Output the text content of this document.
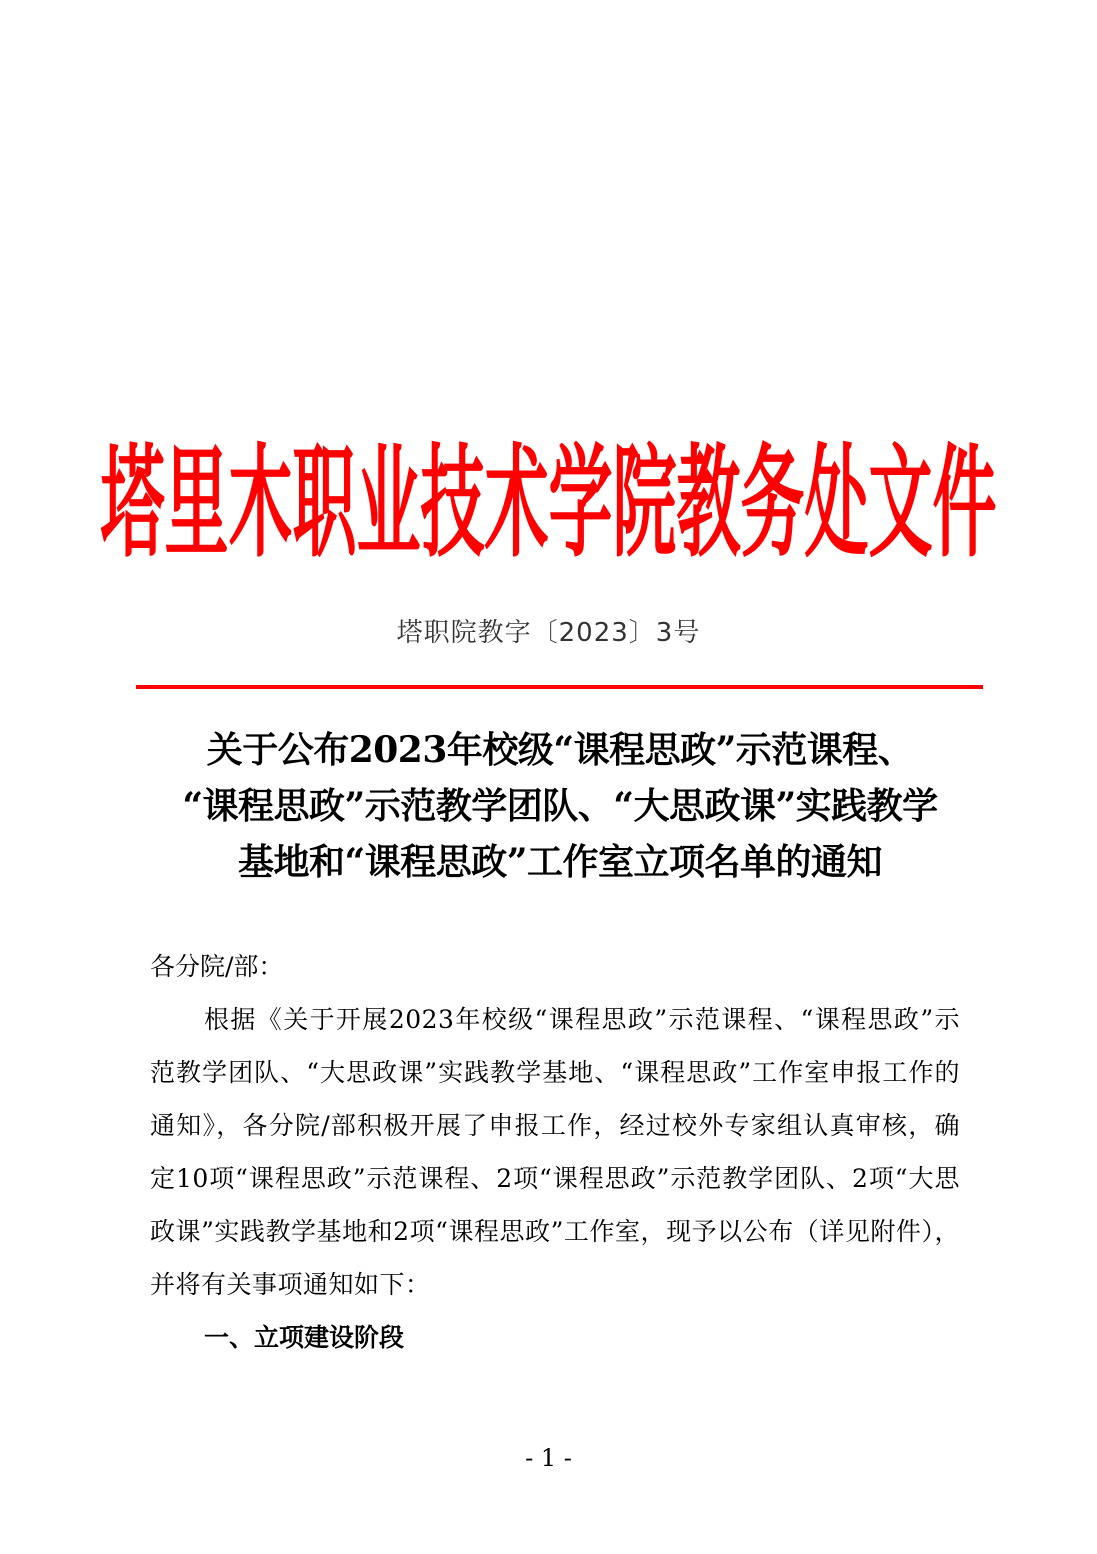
塔里木职业技术学院教务处文件
塔职院教字〔2023〕3号
关于公布2023年校级“课程思政”示范课程、
“课程思政”示范教学团队、“大思政课”实践教学
基地和“课程思政”工作室立项名单的通知

各分院/部：

根据《关于开展2023年校级“课程思政”示范课程、“课程思政”示范教学团队、“大思政课”实践教学基地、“课程思政”工作室申报工作的通知》，各分院/部积极开展了申报工作，经过校外专家组认真审核，确定10项“课程思政”示范课程、2项“课程思政”示范教学团队、2项“大思政课”实践教学基地和2项“课程思政”工作室，现予以公布（详见附件），并将有关事项通知如下：

一、立项建设阶段

- 1 -
